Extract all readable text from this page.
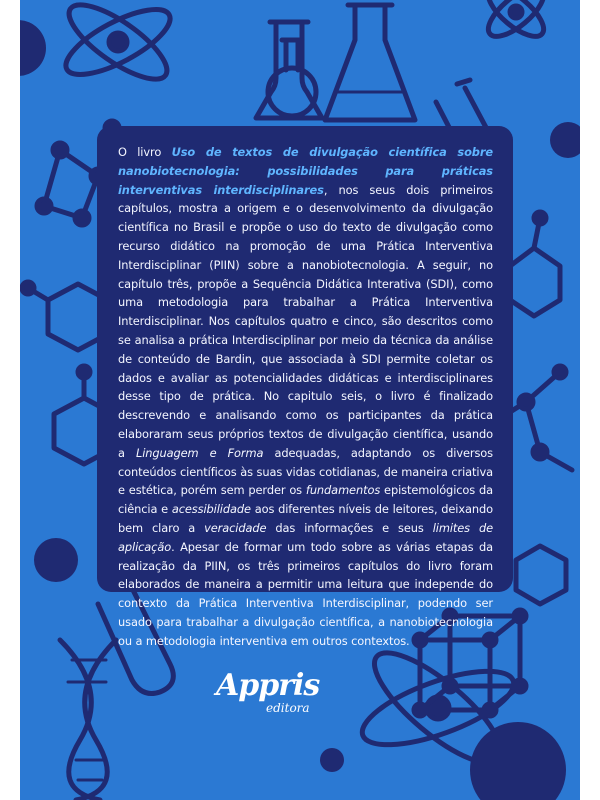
O livro Uso de textos de divulgação científica sobre nanobiotecnologia: possibilidades para práticas interventivas interdisciplinares, nos seus dois primeiros capítulos, mostra a origem e o desenvolvimento da divulgação científica no Brasil e propõe o uso do texto de divulgação como recurso didático na promoção de uma Prática Interventiva Interdisciplinar (PIIN) sobre a nanobiotecnologia. A seguir, no capítulo três, propõe a Sequência Didática Interativa (SDI), como uma metodologia para trabalhar a Prática Interventiva Interdisciplinar. Nos capítulos quatro e cinco, são descritos como se analisa a prática Interdisciplinar por meio da técnica da análise de conteúdo de Bardin, que associada à SDI permite coletar os dados e avaliar as potencialidades didáticas e interdisciplinares desse tipo de prática. No capitulo seis, o livro é finalizado descrevendo e analisando como os participantes da prática elaboraram seus próprios textos de divulgação científica, usando a Linguagem e Forma adequadas, adaptando os diversos conteúdos científicos às suas vidas cotidianas, de maneira criativa e estética, porém sem perder os fundamentos epistemológicos da ciência e acessibilidade aos diferentes níveis de leitores, deixando bem claro a veracidade das informações e seus limites de aplicação. Apesar de formar um todo sobre as várias etapas da realização da PIIN, os três primeiros capítulos do livro foram elaborados de maneira a permitir uma leitura que independe do contexto da Prática Interventiva Interdisciplinar, podendo ser usado para trabalhar a divulgação científica, a nanobiotecnologia ou a metodologia interventiva em outros contextos.

Appris
editora
